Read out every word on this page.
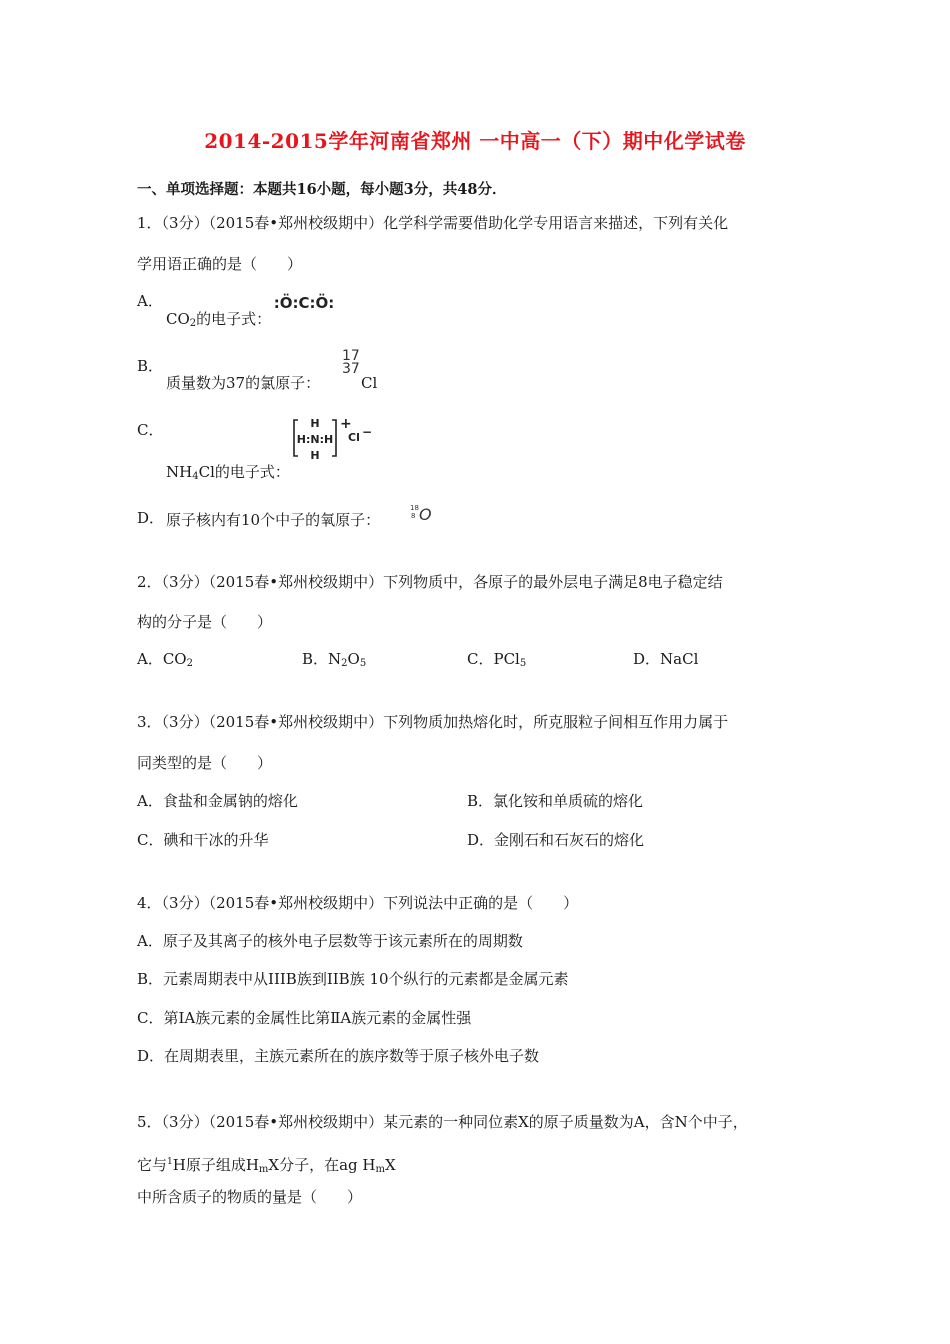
2014-2015学年河南省郑州 一中高一（下）期中化学试卷
一、单项选择题：本题共16小题，每小题3分，共48分．
1．（3分）（2015春•郑州校级期中）化学科学需要借助化学专用语言来描述，下列有关化
学用语正确的是（　　）
A．	:Ö:C:Ö:
$CO_2$的电子式：
B．
质量数为37的氯原子：
17
37
Cl
C．	H
H:N:H
H
+
Cl −
$NH_4Cl$的电子式：
D． 原子核内有10个中子的氧原子：
18
8 O
2．（3分）（2015春•郑州校级期中）下列物质中，各原子的最外层电子满足8电子稳定结
构的分子是（　　）
A．$CO_2$	B．$N_2O_5$	C．PCl$_5$	D．NaCl
3．（3分）（2015春•郑州校级期中）下列物质加热熔化时，所克服粒子间相互作用力属于
同类型的是（　　）
A．食盐和金属钠的熔化	B．氯化铵和单质硫的熔化
C．碘和干冰的升华	D．金刚石和石灰石的熔化
4．（3分）（2015春•郑州校级期中）下列说法中正确的是（　　）
A．原子及其离子的核外电子层数等于该元素所在的周期数
B．元素周期表中从IIIB族到IIB族 10个纵行的元素都是金属元素
C．第ⅠA族元素的金属性比第ⅡA族元素的金属性强
D．在周期表里，主族元素所在的族序数等于原子核外电子数
5．（3分）（2015春•郑州校级期中）某元素的一种同位素X的原子质量数为A，含N个中子，
它与$^1$H原子组成$H_mX$分子，在ag $H_mX$
中所含质子的物质的量是（　　）
